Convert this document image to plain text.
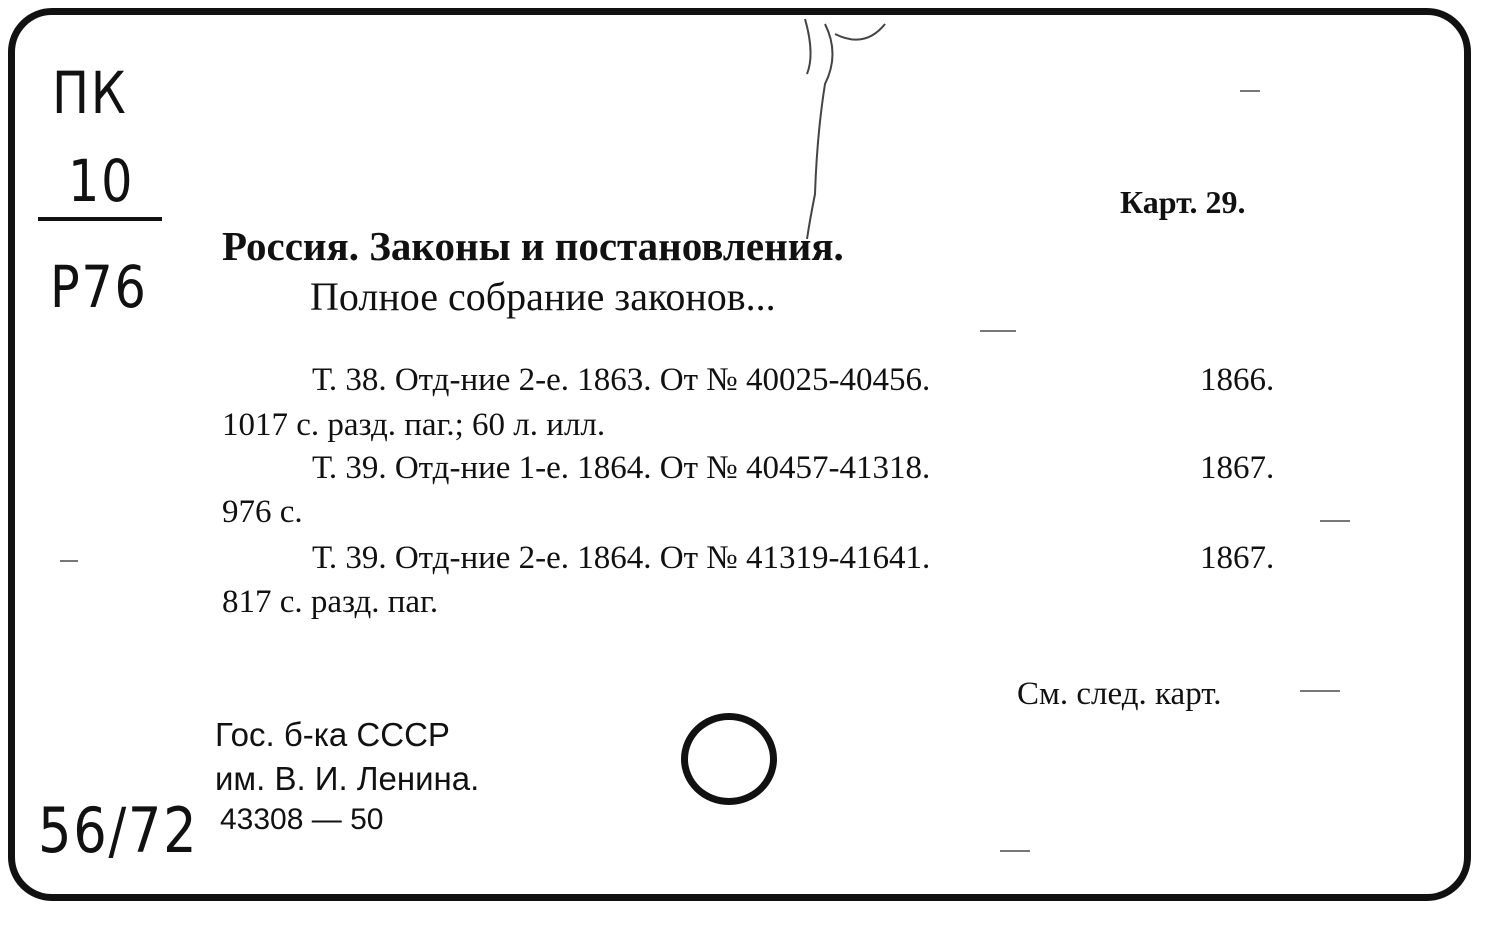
ПК
10
Р76
Карт. 29.
Россия. Законы и постановления.
Полное собрание законов...
Т. 38. Отд-ние 2-е. 1863. От № 40025-40456.	1866.
1017 с. разд. паг.; 60 л. илл.
Т. 39. Отд-ние 1-е. 1864. От № 40457-41318.	1867.
976 с.
Т. 39. Отд-ние 2-е. 1864. От № 41319-41641.	1867.
817 с. разд. паг.
См. след. карт.
Гос. б-ка СССР
им. В. И. Ленина.
43308 — 50
56/72
